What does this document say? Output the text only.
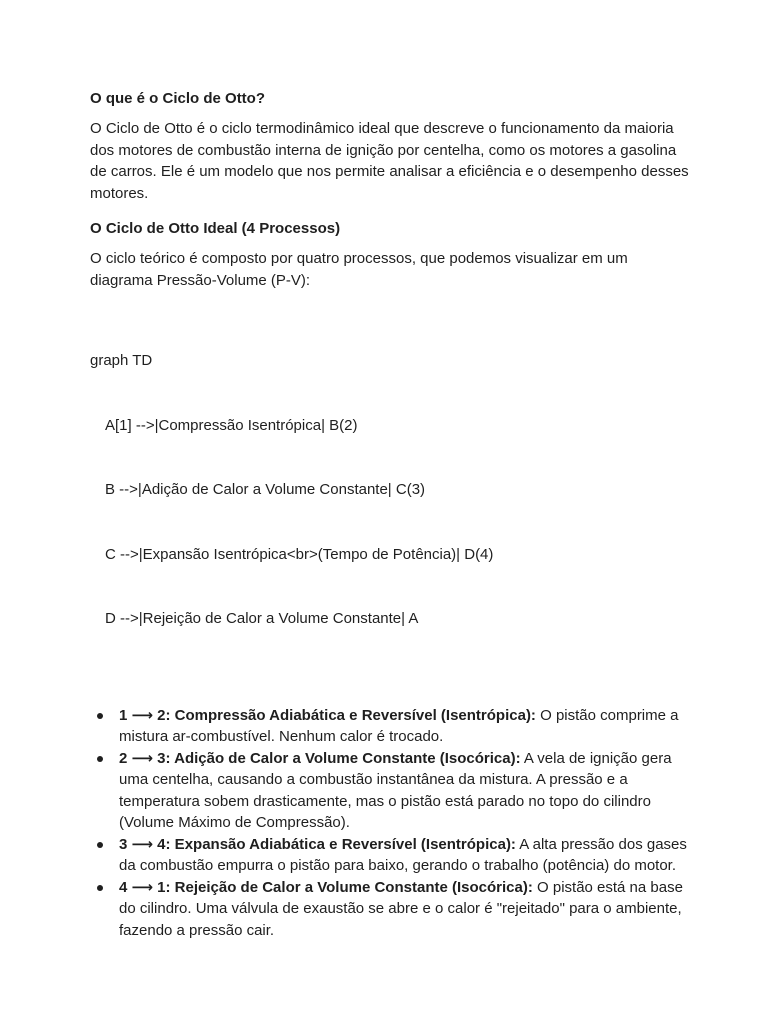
O que é o Ciclo de Otto?

O Ciclo de Otto é o ciclo termodinâmico ideal que descreve o funcionamento da maioria dos motores de combustão interna de ignição por centelha, como os motores a gasolina de carros. Ele é um modelo que nos permite analisar a eficiência e o desempenho desses motores.

O Ciclo de Otto Ideal (4 Processos)

O ciclo teórico é composto por quatro processos, que podemos visualizar em um diagrama Pressão-Volume (P-V):

graph TD

A[1] -->|Compressão Isentrópica| B(2)

B -->|Adição de Calor a Volume Constante| C(3)

C -->|Expansão Isentrópica<br>(Tempo de Potência)| D(4)

D -->|Rejeição de Calor a Volume Constante| A

1 ⟶ 2: Compressão Adiabática e Reversível (Isentrópica): O pistão comprime a mistura ar-combustível. Nenhum calor é trocado.
2 ⟶ 3: Adição de Calor a Volume Constante (Isocórica): A vela de ignição gera uma centelha, causando a combustão instantânea da mistura. A pressão e a temperatura sobem drasticamente, mas o pistão está parado no topo do cilindro (Volume Máximo de Compressão).
3 ⟶ 4: Expansão Adiabática e Reversível (Isentrópica): A alta pressão dos gases da combustão empurra o pistão para baixo, gerando o trabalho (potência) do motor.
4 ⟶ 1: Rejeição de Calor a Volume Constante (Isocórica): O pistão está na base do cilindro. Uma válvula de exaustão se abre e o calor é "rejeitado" para o ambiente, fazendo a pressão cair.
